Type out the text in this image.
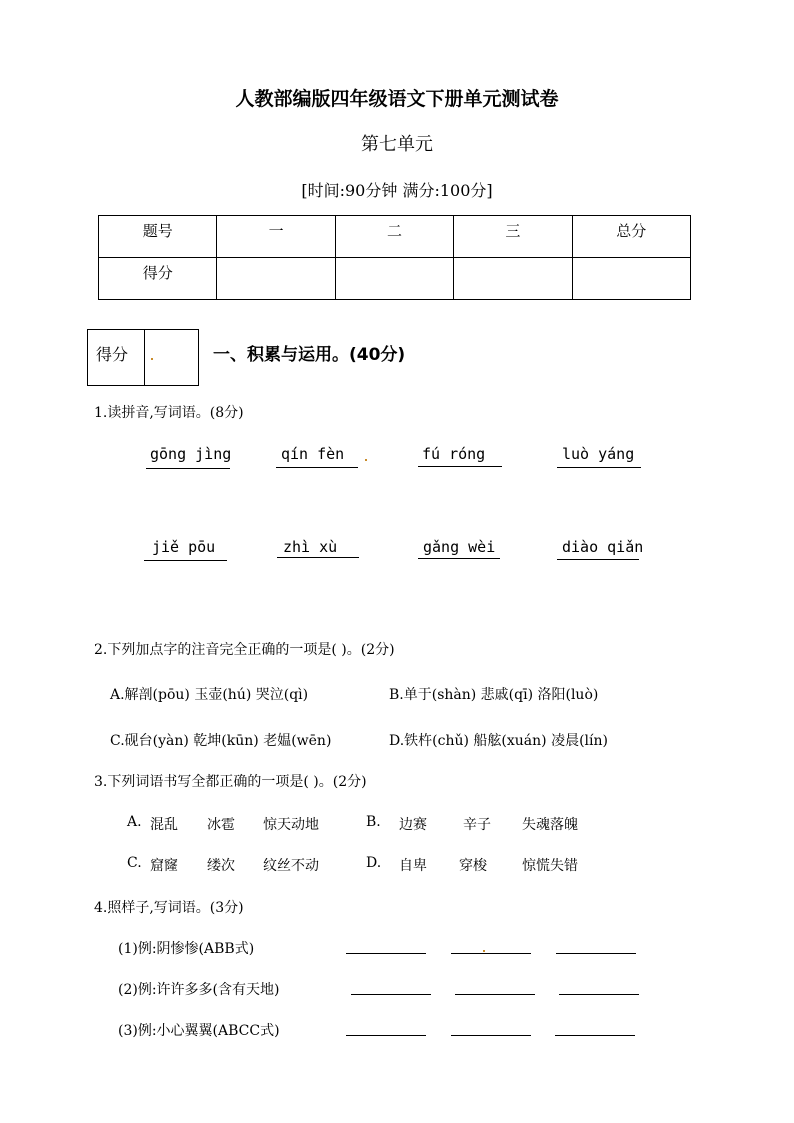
人教部编版四年级语文下册单元测试卷
第七单元
[时间:90分钟 满分:100分]
题号	一	二	三	总分
得分				
得分	一、积累与运用。(40分)
1.读拼音,写词语。(8分)
gōng jìng	qín fèn	fú róng	luò yáng
jiě pōu	zhì xù	gǎng wèi	diào qiǎn
2.下列加点字的注音完全正确的一项是( )。(2分)
A.解剖(pōu) 玉壶(hú) 哭泣(qì)	B.单于(shàn) 悲戚(qī) 洛阳(luò)
C.砚台(yàn) 乾坤(kūn) 老媪(wēn)	D.铁杵(chǔ) 船舷(xuán) 凌晨(lín)
3.下列词语书写全都正确的一项是( )。(2分)
A. 混乱 冰雹 惊天动地	B. 边赛	辛子 失魂落魄
C. 窟窿 缕次 纹丝不动	D. 自卑 穿梭	惊慌失错
4.照样子,写词语。(3分)
(1)例:阴惨惨(ABB式)
(2)例:许许多多(含有天地)
(3)例:小心翼翼(ABCC式)
